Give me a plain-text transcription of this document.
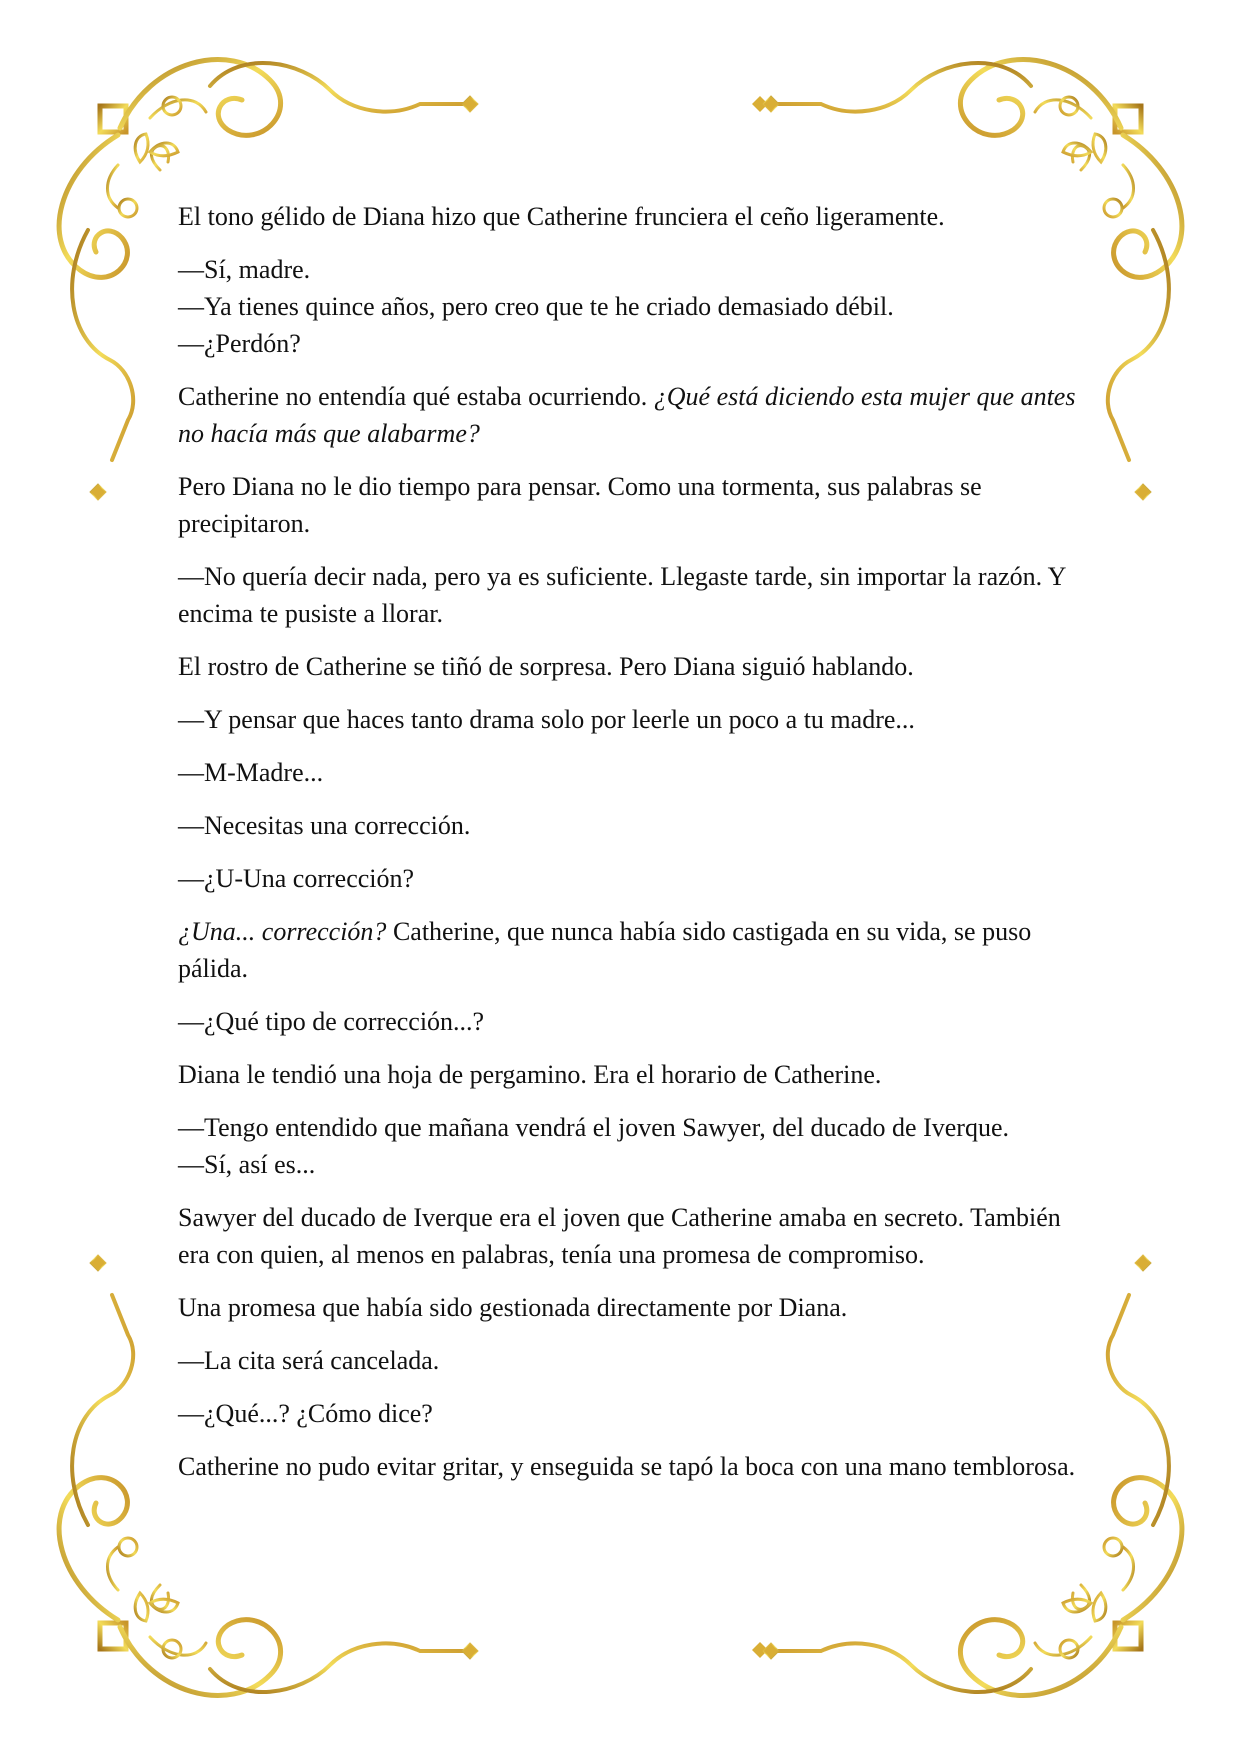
El tono gélido de Diana hizo que Catherine frunciera el ceño ligeramente.

—Sí, madre.
—Ya tienes quince años, pero creo que te he criado demasiado débil.
—¿Perdón?

Catherine no entendía qué estaba ocurriendo. ¿Qué está diciendo esta mujer que antes no hacía más que alabarme?

Pero Diana no le dio tiempo para pensar. Como una tormenta, sus palabras se precipitaron.

—No quería decir nada, pero ya es suficiente. Llegaste tarde, sin importar la razón. Y encima te pusiste a llorar.

El rostro de Catherine se tiñó de sorpresa. Pero Diana siguió hablando.

—Y pensar que haces tanto drama solo por leerle un poco a tu madre...

—M-Madre...

—Necesitas una corrección.

—¿U-Una corrección?

¿Una... corrección? Catherine, que nunca había sido castigada en su vida, se puso pálida.

—¿Qué tipo de corrección...?

Diana le tendió una hoja de pergamino. Era el horario de Catherine.

—Tengo entendido que mañana vendrá el joven Sawyer, del ducado de Iverque.
—Sí, así es...

Sawyer del ducado de Iverque era el joven que Catherine amaba en secreto. También era con quien, al menos en palabras, tenía una promesa de compromiso.

Una promesa que había sido gestionada directamente por Diana.

—La cita será cancelada.

—¿Qué...? ¿Cómo dice?

Catherine no pudo evitar gritar, y enseguida se tapó la boca con una mano temblorosa.
